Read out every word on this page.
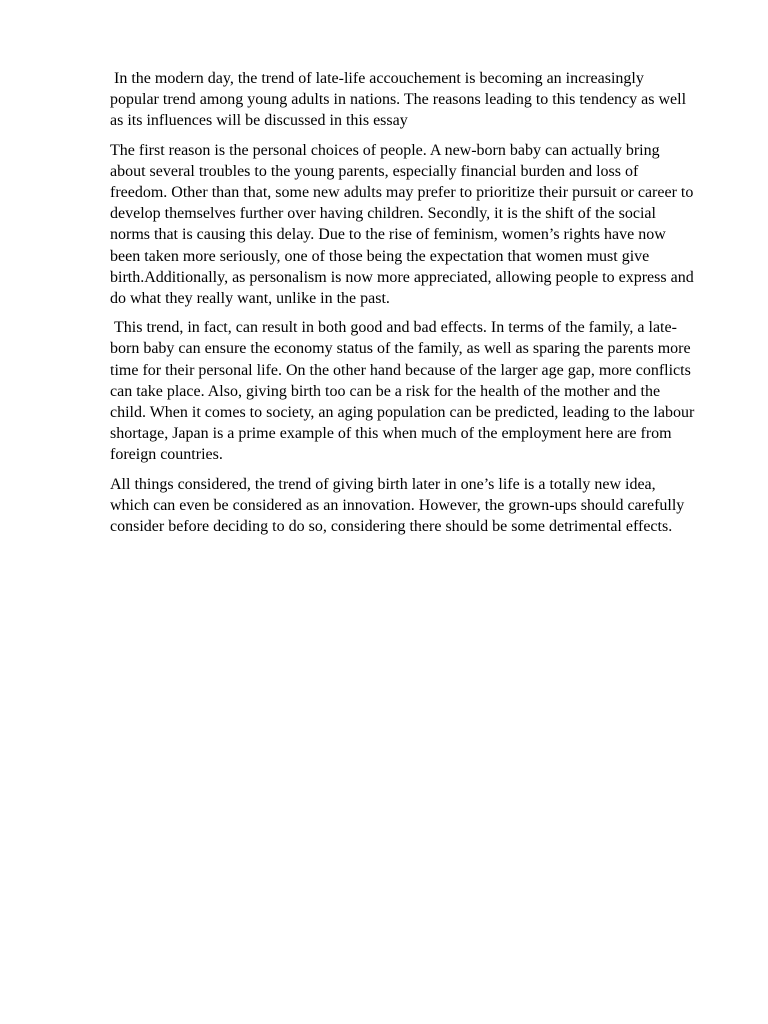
In the modern day, the trend of late-life accouchement is becoming an increasingly popular trend among young adults in nations. The reasons leading to this tendency as well as its influences will be discussed in this essay

The first reason is the personal choices of people. A new-born baby can actually bring about several troubles to the young parents, especially financial burden and loss of freedom. Other than that, some new adults may prefer to prioritize their pursuit or career to develop themselves further over having children. Secondly, it is the shift of the social norms that is causing this delay. Due to the rise of feminism, women’s rights have now been taken more seriously, one of those being the expectation that women must give birth.Additionally, as personalism is now more appreciated, allowing people to express and do what they really want, unlike in the past.

This trend, in fact, can result in both good and bad effects. In terms of the family, a late-born baby can ensure the economy status of the family, as well as sparing the parents more time for their personal life. On the other hand because of the larger age gap, more conflicts can take place. Also, giving birth too can be a risk for the health of the mother and the child. When it comes to society, an aging population can be predicted, leading to the labour shortage, Japan is a prime example of this when much of the employment here are from foreign countries.

All things considered, the trend of giving birth later in one’s life is a totally new idea, which can even be considered as an innovation. However, the grown-ups should carefully consider before deciding to do so, considering there should be some detrimental effects.
